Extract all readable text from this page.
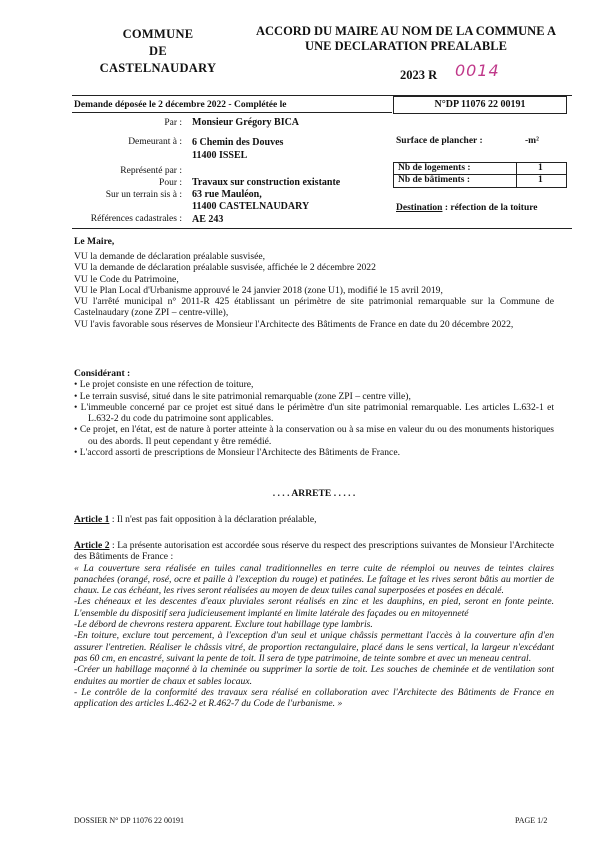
COMMUNE
DE
CASTELNAUDARY
ACCORD DU MAIRE AU NOM DE LA COMMUNE A
UNE DECLARATION PREALABLE
2023 R 0014
Demande déposée le 2 décembre 2022 - Complétée le	N°DP 11076 22 00191
Par : Monsieur Grégory BICA
Demeurant à : 6 Chemin des Douves
11400 ISSEL
Représenté par :
Pour : Travaux sur construction existante
Sur un terrain sis à : 63 rue Mauléon,
11400 CASTELNAUDARY
Références cadastrales : AE 243
Surface de plancher :	-m²
Nb de logements :	1
Nb de bâtiments :	1
Destination : réfection de la toiture

Le Maire,

VU la demande de déclaration préalable susvisée,

VU la demande de déclaration préalable susvisée, affichée le 2 décembre 2022

VU le Code du Patrimoine,

VU le Plan Local d'Urbanisme approuvé le 24 janvier 2018 (zone U1), modifié le 15 avril 2019,

VU l'arrêté municipal n° 2011-R 425 établissant un périmètre de site patrimonial remarquable sur la Commune de Castelnaudary (zone ZPI – centre-ville),

VU l'avis favorable sous réserves de Monsieur l'Architecte des Bâtiments de France en date du 20 décembre 2022,

Considérant :

• Le projet consiste en une réfection de toiture,

• Le terrain susvisé, situé dans le site patrimonial remarquable (zone ZPI – centre ville),

• L'immeuble concerné par ce projet est situé dans le périmètre d'un site patrimonial remarquable. Les articles L.632-1 et L.632-2 du code du patrimoine sont applicables.

• Ce projet, en l'état, est de nature à porter atteinte à la conservation ou à sa mise en valeur du ou des monuments historiques ou des abords. Il peut cependant y être remédié.

• L'accord assorti de prescriptions de Monsieur l'Architecte des Bâtiments de France.

. . . . ARRETE . . . . .

Article 1 : Il n'est pas fait opposition à la déclaration préalable,

Article 2 : La présente autorisation est accordée sous réserve du respect des prescriptions suivantes de Monsieur l'Architecte des Bâtiments de France :

« La couverture sera réalisée en tuiles canal traditionnelles en terre cuite de réemploi ou neuves de teintes claires panachées (orangé, rosé, ocre et paille à l'exception du rouge) et patinées. Le faîtage et les rives seront bâtis au mortier de chaux. Le cas échéant, les rives seront réalisées au moyen de deux tuiles canal superposées et posées en décalé.

-Les chéneaux et les descentes d'eaux pluviales seront réalisés en zinc et les dauphins, en pied, seront en fonte peinte. L'ensemble du dispositif sera judicieusement implanté en limite latérale des façades ou en mitoyenneté

-Le débord de chevrons restera apparent. Exclure tout habillage type lambris.

-En toiture, exclure tout percement, à l'exception d'un seul et unique châssis permettant l'accès à la couverture afin d'en assurer l'entretien. Réaliser le châssis vitré, de proportion rectangulaire, placé dans le sens vertical, la largeur n'excédant pas 60 cm, en encastré, suivant la pente de toit. Il sera de type patrimoine, de teinte sombre et avec un meneau central.

-Créer un habillage maçonné à la cheminée ou supprimer la sortie de toit. Les souches de cheminée et de ventilation sont enduites au mortier de chaux et sables locaux.

- Le contrôle de la conformité des travaux sera réalisé en collaboration avec l'Architecte des Bâtiments de France en application des articles L.462-2 et R.462-7 du Code de l'urbanisme. »

DOSSIER N° DP 11076 22 00191	PAGE 1/2
